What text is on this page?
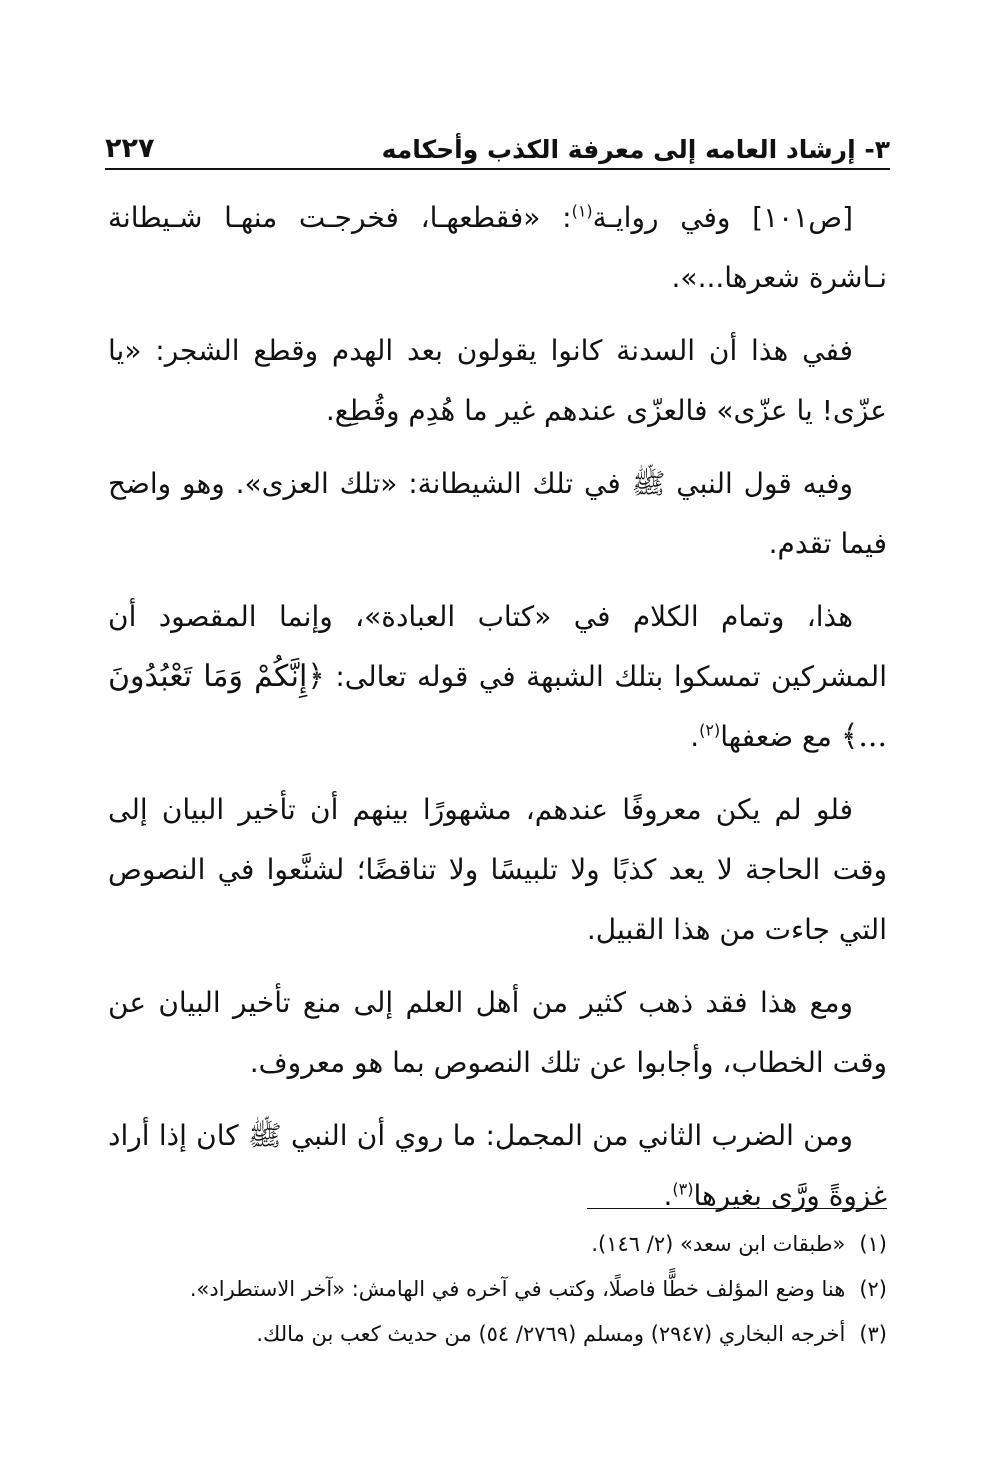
٣- إرشاد العامه إلى معرفة الكذب وأحكامه
٢٢٧

[ص١٠١] وفي روايـة$^{(١)}$: «فقطعهـا، فخرجـت منهـا شـيطانة نـاشرة شعرها...».

ففي هذا أن السدنة كانوا يقولون بعد الهدم وقطع الشجر: «يا عزّى! يا عزّى» فالعزّى عندهم غير ما هُدِم وقُطِع.

وفيه قول النبي ﷺ في تلك الشيطانة: «تلك العزى». وهو واضح فيما تقدم.

هذا، وتمام الكلام في «كتاب العبادة»، وإنما المقصود أن المشركين تمسكوا بتلك الشبهة في قوله تعالى: ﴿إِنَّكُمْ وَمَا تَعْبُدُونَ ...﴾ مع ضعفها$^{(٢)}$.

فلو لم يكن معروفًا عندهم، مشهورًا بينهم أن تأخير البيان إلى وقت الحاجة لا يعد كذبًا ولا تلبيسًا ولا تناقضًا؛ لشنَّعوا في النصوص التي جاءت من هذا القبيل.

ومع هذا فقد ذهب كثير من أهل العلم إلى منع تأخير البيان عن وقت الخطاب، وأجابوا عن تلك النصوص بما هو معروف.

ومن الضرب الثاني من المجمل: ما روي أن النبي ﷺ كان إذا أراد غزوةً ورَّى بغيرها$^{(٣)}$.

(١)«طبقات ابن سعد» (٢/ ١٤٦).
(٢)هنا وضع المؤلف خطًّا فاصلًا، وكتب في آخره في الهامش: «آخر الاستطراد».
(٣)أخرجه البخاري (٢٩٤٧) ومسلم (٢٧٦٩/ ٥٤) من حديث كعب بن مالك.
